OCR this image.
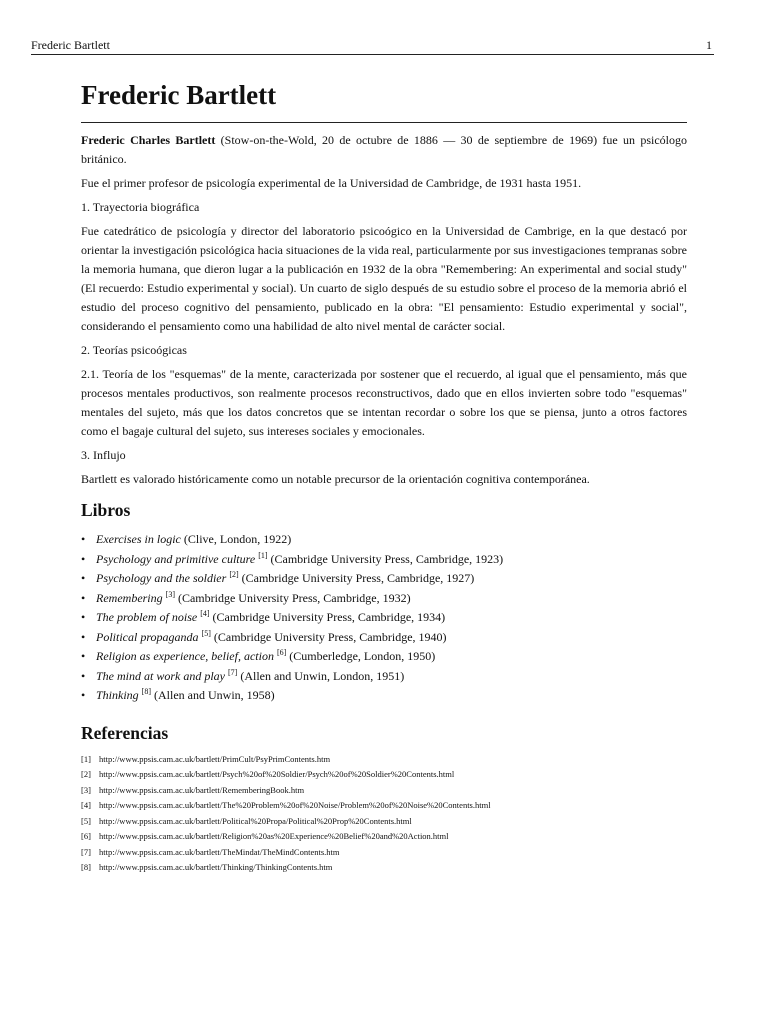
Frederic Bartlett	1
Frederic Bartlett

Frederic Charles Bartlett (Stow-on-the-Wold, 20 de octubre de 1886 — 30 de septiembre de 1969) fue un psicólogo británico.

Fue el primer profesor de psicología experimental de la Universidad de Cambridge, de 1931 hasta 1951.

1. Trayectoria biográfica

Fue catedrático de psicología y director del laboratorio psicoógico en la Universidad de Cambrige, en la que destacó por orientar la investigación psicológica hacia situaciones de la vida real, particularmente por sus investigaciones tempranas sobre la memoria humana, que dieron lugar a la publicación en 1932 de la obra "Remembering: An experimental and social study" (El recuerdo: Estudio experimental y social). Un cuarto de siglo después de su estudio sobre el proceso de la memoria abrió el estudio del proceso cognitivo del pensamiento, publicado en la obra: "El pensamiento: Estudio experimental y social", considerando el pensamiento como una habilidad de alto nivel mental de carácter social.

2. Teorías psicoógicas

2.1. Teoría de los "esquemas" de la mente, caracterizada por sostener que el recuerdo, al igual que el pensamiento, más que procesos mentales productivos, son realmente procesos reconstructivos, dado que en ellos invierten sobre todo "esquemas" mentales del sujeto, más que los datos concretos que se intentan recordar o sobre los que se piensa, junto a otros factores como el bagaje cultural del sujeto, sus intereses sociales y emocionales.

3. Influjo

Bartlett es valorado históricamente como un notable precursor de la orientación cognitiva contemporánea.

Libros
• Exercises in logic (Clive, London, 1922)
• Psychology and primitive culture [1] (Cambridge University Press, Cambridge, 1923)
• Psychology and the soldier [2] (Cambridge University Press, Cambridge, 1927)
• Remembering [3] (Cambridge University Press, Cambridge, 1932)
• The problem of noise [4] (Cambridge University Press, Cambridge, 1934)
• Political propaganda [5] (Cambridge University Press, Cambridge, 1940)
• Religion as experience, belief, action [6] (Cumberledge, London, 1950)
• The mind at work and play [7] (Allen and Unwin, London, 1951)
• Thinking [8] (Allen and Unwin, 1958)
Referencias
[1] http://www.ppsis.cam.ac.uk/bartlett/PrimCult/PsyPrimContents.htm
[2] http://www.ppsis.cam.ac.uk/bartlett/Psych%20of%20Soldier/Psych%20of%20Soldier%20Contents.html
[3] http://www.ppsis.cam.ac.uk/bartlett/RememberingBook.htm
[4] http://www.ppsis.cam.ac.uk/bartlett/The%20Problem%20of%20Noise/Problem%20of%20Noise%20Contents.html
[5] http://www.ppsis.cam.ac.uk/bartlett/Political%20Propa/Political%20Prop%20Contents.html
[6] http://www.ppsis.cam.ac.uk/bartlett/Religion%20as%20Experience%20Belief%20and%20Action.html
[7] http://www.ppsis.cam.ac.uk/bartlett/TheMindat/TheMindContents.htm
[8] http://www.ppsis.cam.ac.uk/bartlett/Thinking/ThinkingContents.htm
